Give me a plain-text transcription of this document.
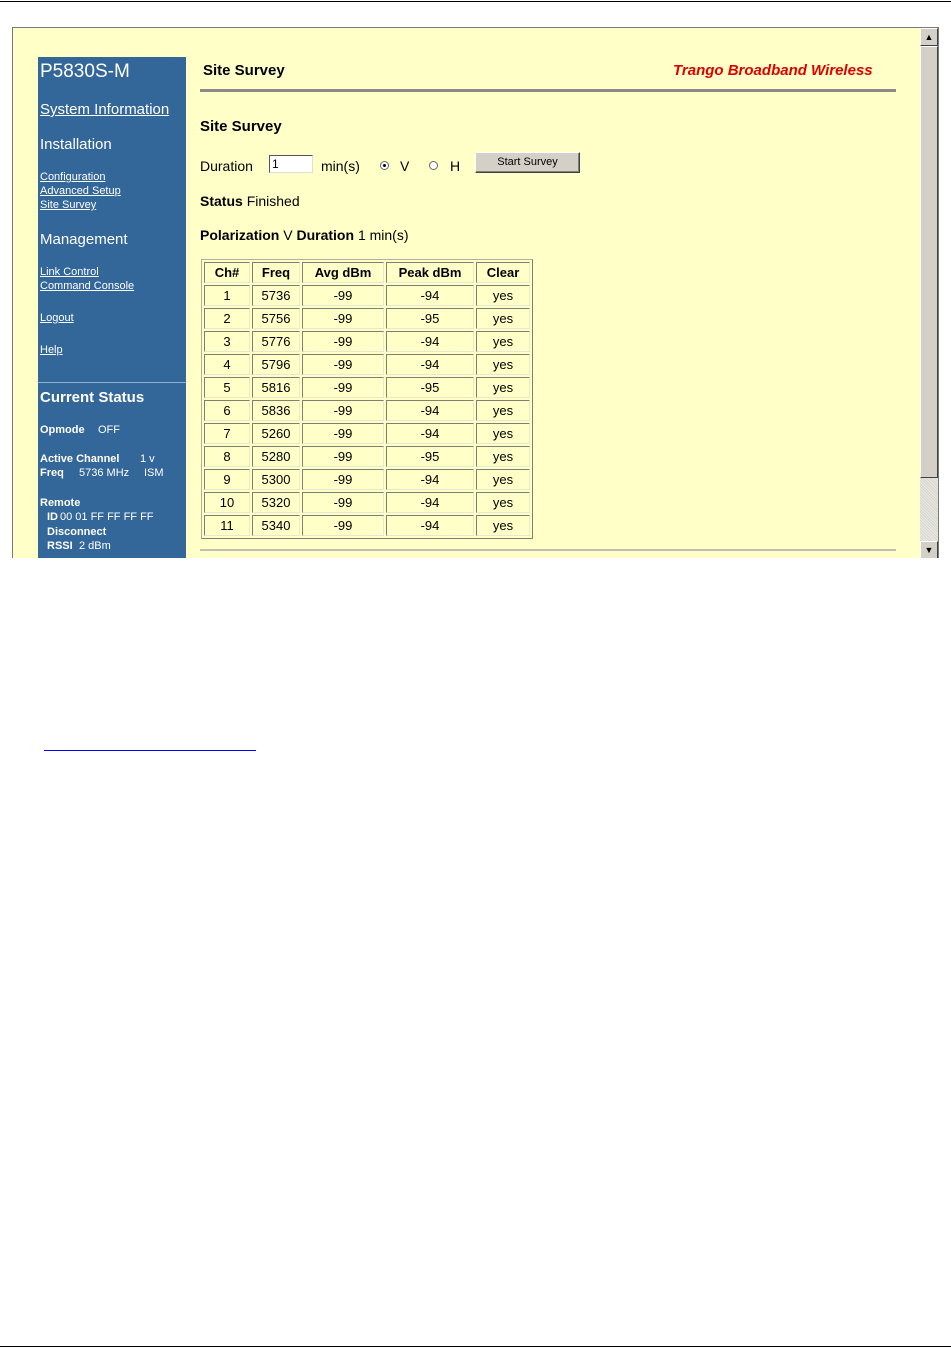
P5830S-M
System Information
Installation
Configuration
Advanced Setup
Site Survey
Management
Link Control
Command Console
Logout
Help
Current Status
Opmode OFF
Active Channel 1 v
Freq 5736 MHz ISM
Remote
ID 00 01 FF FF FF FF
Disconnect
RSSI 2 dBm
Site Survey	Trango Broadband Wireless
Site Survey
Duration
1	min(s)	V	H	Start Survey
Status Finished
Polarization V Duration 1 min(s)
Ch#	Freq	Avg dBm	Peak dBm	Clear
1	5736	-99	-94	yes
2	5756	-99	-95	yes
3	5776	-99	-94	yes
4	5796	-99	-94	yes
5	5816	-99	-95	yes
6	5836	-99	-94	yes
7	5260	-99	-94	yes
8	5280	-99	-95	yes
9	5300	-99	-94	yes
10	5320	-99	-94	yes
11	5340	-99	-94	yes
▲
▼
